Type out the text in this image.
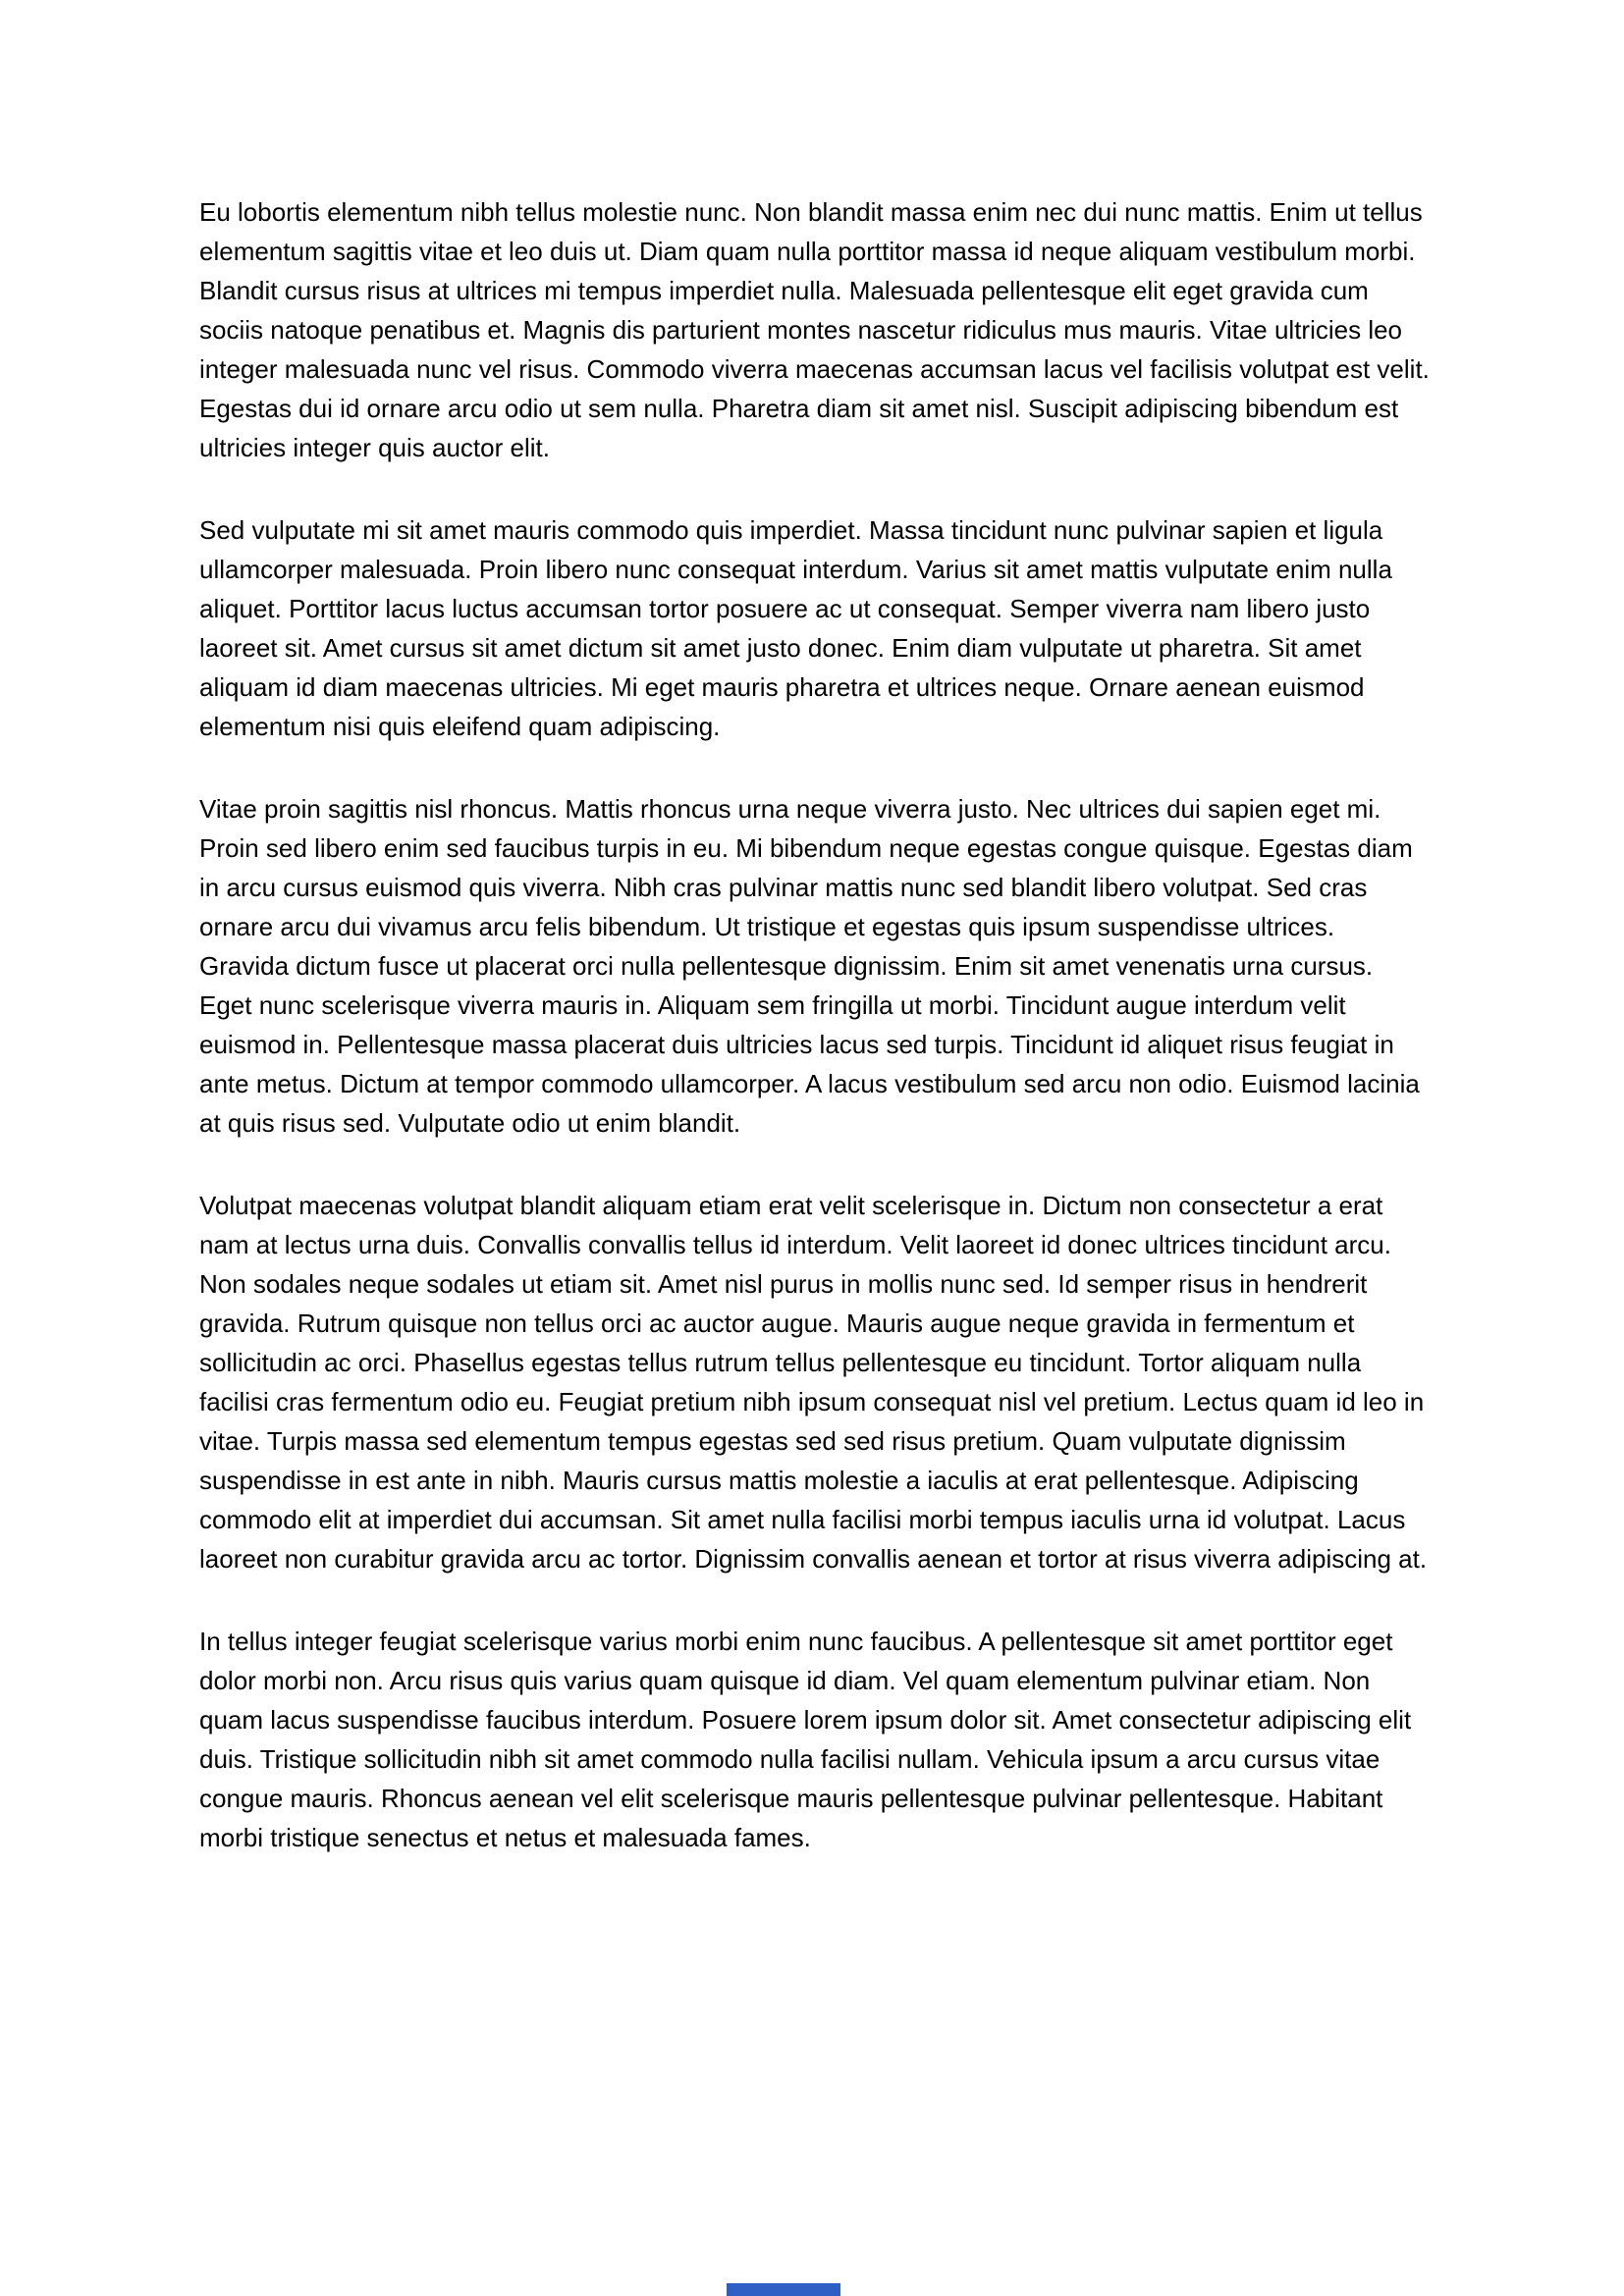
Eu lobortis elementum nibh tellus molestie nunc. Non blandit massa enim nec dui nunc mattis. Enim ut tellus elementum sagittis vitae et leo duis ut. Diam quam nulla porttitor massa id neque aliquam vestibulum morbi. Blandit cursus risus at ultrices mi tempus imperdiet nulla. Malesuada pellentesque elit eget gravida cum sociis natoque penatibus et. Magnis dis parturient montes nascetur ridiculus mus mauris. Vitae ultricies leo integer malesuada nunc vel risus. Commodo viverra maecenas accumsan lacus vel facilisis volutpat est velit. Egestas dui id ornare arcu odio ut sem nulla. Pharetra diam sit amet nisl. Suscipit adipiscing bibendum est ultricies integer quis auctor elit.

Sed vulputate mi sit amet mauris commodo quis imperdiet. Massa tincidunt nunc pulvinar sapien et ligula ullamcorper malesuada. Proin libero nunc consequat interdum. Varius sit amet mattis vulputate enim nulla aliquet. Porttitor lacus luctus accumsan tortor posuere ac ut consequat. Semper viverra nam libero justo laoreet sit. Amet cursus sit amet dictum sit amet justo donec. Enim diam vulputate ut pharetra. Sit amet aliquam id diam maecenas ultricies. Mi eget mauris pharetra et ultrices neque. Ornare aenean euismod elementum nisi quis eleifend quam adipiscing.

Vitae proin sagittis nisl rhoncus. Mattis rhoncus urna neque viverra justo. Nec ultrices dui sapien eget mi. Proin sed libero enim sed faucibus turpis in eu. Mi bibendum neque egestas congue quisque. Egestas diam in arcu cursus euismod quis viverra. Nibh cras pulvinar mattis nunc sed blandit libero volutpat. Sed cras ornare arcu dui vivamus arcu felis bibendum. Ut tristique et egestas quis ipsum suspendisse ultrices. Gravida dictum fusce ut placerat orci nulla pellentesque dignissim. Enim sit amet venenatis urna cursus. Eget nunc scelerisque viverra mauris in. Aliquam sem fringilla ut morbi. Tincidunt augue interdum velit euismod in. Pellentesque massa placerat duis ultricies lacus sed turpis. Tincidunt id aliquet risus feugiat in ante metus. Dictum at tempor commodo ullamcorper. A lacus vestibulum sed arcu non odio. Euismod lacinia at quis risus sed. Vulputate odio ut enim blandit.

Volutpat maecenas volutpat blandit aliquam etiam erat velit scelerisque in. Dictum non consectetur a erat nam at lectus urna duis. Convallis convallis tellus id interdum. Velit laoreet id donec ultrices tincidunt arcu. Non sodales neque sodales ut etiam sit. Amet nisl purus in mollis nunc sed. Id semper risus in hendrerit gravida. Rutrum quisque non tellus orci ac auctor augue. Mauris augue neque gravida in fermentum et sollicitudin ac orci. Phasellus egestas tellus rutrum tellus pellentesque eu tincidunt. Tortor aliquam nulla facilisi cras fermentum odio eu. Feugiat pretium nibh ipsum consequat nisl vel pretium. Lectus quam id leo in vitae. Turpis massa sed elementum tempus egestas sed sed risus pretium. Quam vulputate dignissim suspendisse in est ante in nibh. Mauris cursus mattis molestie a iaculis at erat pellentesque. Adipiscing commodo elit at imperdiet dui accumsan. Sit amet nulla facilisi morbi tempus iaculis urna id volutpat. Lacus laoreet non curabitur gravida arcu ac tortor. Dignissim convallis aenean et tortor at risus viverra adipiscing at.

In tellus integer feugiat scelerisque varius morbi enim nunc faucibus. A pellentesque sit amet porttitor eget dolor morbi non. Arcu risus quis varius quam quisque id diam. Vel quam elementum pulvinar etiam. Non quam lacus suspendisse faucibus interdum. Posuere lorem ipsum dolor sit. Amet consectetur adipiscing elit duis. Tristique sollicitudin nibh sit amet commodo nulla facilisi nullam. Vehicula ipsum a arcu cursus vitae congue mauris. Rhoncus aenean vel elit scelerisque mauris pellentesque pulvinar pellentesque. Habitant morbi tristique senectus et netus et malesuada fames.
